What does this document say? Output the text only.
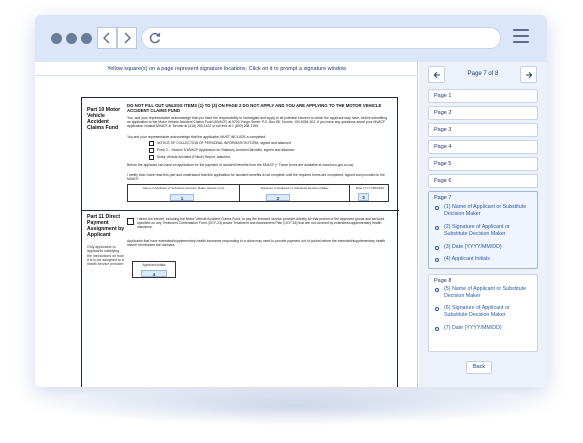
Yellow square(s) on a page represent signature locations. Click on it to prompt a signature window
Part 10 Motor Vehicle Accident Claims Fund
DO NOT FILL OUT UNLESS ITEMS (1) TO (3) ON PAGE 2 DO NOT APPLY AND YOU ARE APPLYING TO THE MOTOR VEHICLE ACCIDENT CLAIMS FUND
You, and your representative acknowledge that you have the responsibility to investigate and apply to all potential insurers to which the applicant may have, before submitting an application to the Motor Vehicle Accident Claims Fund (MVACF) at 5700 Yonge Street, P.O. Box 88, Toronto, ON M2M 4K2. If you have any questions about your MVACF application contact MVACF in Toronto at (416) 250-1422 or toll free at 1 (800) 268-7195.
You and your representative acknowledge that the application MUST INCLUDE a completed:
NOTICE OF COLLECTION OF PERSONAL INFORMATION FORM, signed and attached
Form 2 – Section 8 MVACF Application for Statutory Accident Benefits, signed and attached
Motor Vehicle Accident (Police) Report, attached
Before the applicant can have an application for the payment of accident benefits from the MVACF (* These forms are available at www.fsco.gov.on.ca).
I certify that I have read this part and understand that this application for accident benefits is not complete until the required forms are completed, signed and provided to the MVACF.
Name of Applicant or Substitute Decision Maker (please print)	Signature of Applicant or Substitute Decision Maker	Date (YYYY/MM/DD)
1	2	3
Part 11 Direct Payment Assignment by Applicant
Only applicable to applicants satisfying the instructions on how it is to be assigned to a health service provider
I direct the insurer, including the Motor Vehicle Accident Claims Fund, to pay the licensed service provider directly for that portion of the approved goods and services specified on any Treatment Confirmation Form (OCF-23) and/or Treatment and Assessment Plan (OCF-18) that are not covered by extended/supplementary health insurance.
Applicants that have extended/supplementary health insurance responding to a claim may need to provide payment out of pocket before the extended/supplementary health insurer reimburses the claimant.
Applicant Initials
4
Page 7 of 8
Page 1
Page 2
Page 3
Page 4
Page 5
Page 6
Page 7
(1) Name of Applicant or Substitute Decision Maker
(2) Signature of Applicant or Substitute Decision Maker
(3) Date (YYYY/MM/DD)
(4) Applicant Initials
Page 8
(5) Name of Applicant or Substitute Decision Maker
(6) Signature of Applicant or Substitute Decision Maker
(7) Date (YYYY/MM/DD)
Back
